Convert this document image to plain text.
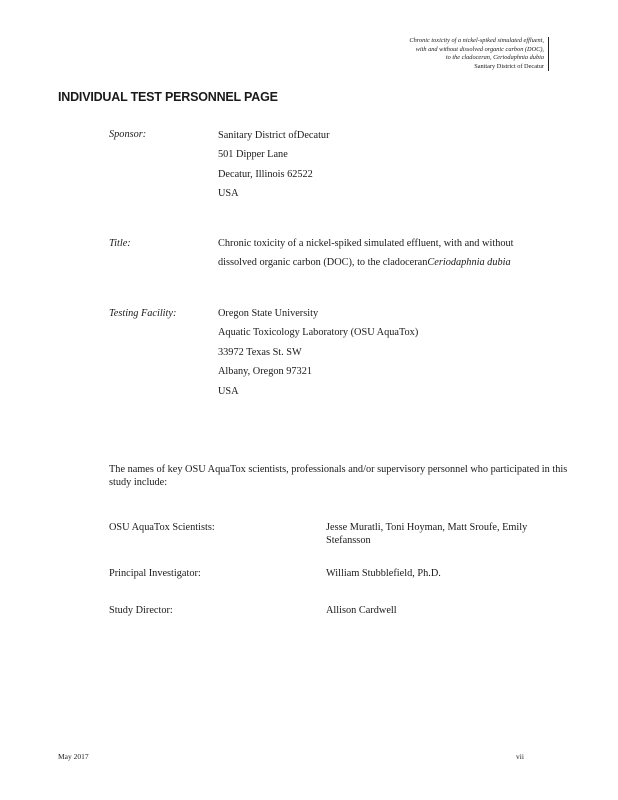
Chronic toxicity of a nickel-spiked simulated effluent,
with and without dissolved organic carbon (DOC),
to the cladoceran, Ceriodaphnia dubia
Sanitary District of Decatur
INDIVIDUAL TEST PERSONNEL PAGE
Sponsor:	Sanitary District ofDecatur
501 Dipper Lane
Decatur, Illinois 62522
USA
Title:	Chronic toxicity of a nickel-spiked simulated effluent, with and without
dissolved organic carbon (DOC), to the cladoceranCeriodaphnia dubia
Testing Facility:	Oregon State University
Aquatic Toxicology Laboratory (OSU AquaTox)
33972 Texas St. SW
Albany, Oregon 97321
USA
The names of key OSU AquaTox scientists, professionals and/or supervisory personnel who participated in this study include:
OSU AquaTox Scientists:	Jesse Muratli, Toni Hoyman, Matt Sroufe, Emily Stefansson
Principal Investigator:	William Stubblefield, Ph.D.
Study Director:	Allison Cardwell
May 2017	vii
